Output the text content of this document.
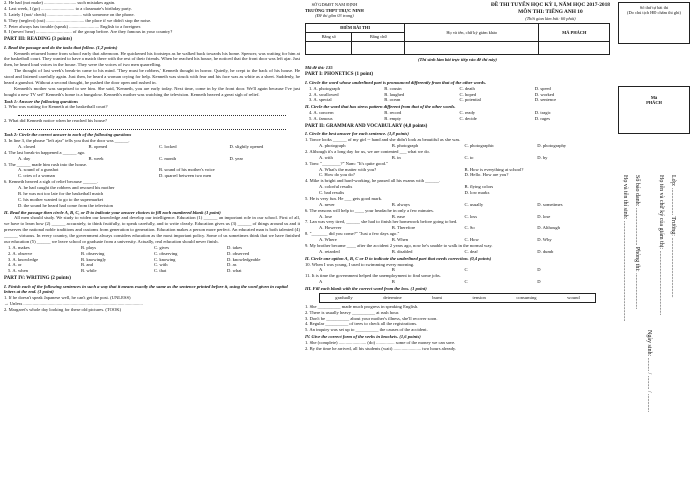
2. He had (not make) ............................ such mistakes again.

4. Last week, I (go) ............................. to a classmate's birthday party.

5. Lately I (not/ check) .............................. with someone on the phone.

6. They (neglect) (cut) ................................. the place if we didn't stop the noise.

7. Peter always has trouble (speak) .......................... English to a foreigner.

8. I (never/ hear) ............................... of the group before. Are they famous in your country?

PART III: READING (3 points)
I. Read the passage and do the tasks that follow. (1,2 points)

Kenneth returned home from school early that afternoon. He quickened his footsteps as he walked back towards his home. Spencer, was waiting for him at the basketball court. They wanted to have a match there with the rest of their friends. When he reached his house, he noticed that the front door was left ajar. Just then, he heard loud voices in the house. They were the voices of two men quarrelling.

The thought of last week's break-in came to his mind. 'They must be robbers,' Kenneth thought in horror. Quietly, he crept to the back of his house. He stood and listened carefully again. Just then, he heard a woman crying for help. Kenneth was struck with fear and his face was as white as a sheet. Suddenly, he heard a gunshot. Without a second thought, he pushed the door open and rushed in.

Kenneth's mother was surprised to see him. She said, 'Kenneth, you are early today. Next time, come in by the front door. We'll again because I've just bought a new TV set!' Kenneth's home is a bungalow. Kenneth's mother was watching the television. Kenneth heaved a great sigh of relief.

Task 1: Answer the following questions

1. Who was waiting for Kenneth at the basketball court?

2. What did Kenneth notice when he reached his house?

Task 2: Circle the correct answer to each of the following questions

3. In line 3, the phrase "left ajar" tells you that the door was ______.

A. closed	B. opened	C. locked	D. slightly opened

4. The last break-in happened a ______ ago.

A. day	B. week	C. month	D. year

5. The ______ made him rush into the house.

A. sound of a gunshot	B. sound of his mother's voice
C. cries of a woman	D. quarrel between two men

6. Kenneth heaved a sigh of relief because ______.

A. he had caught the robbers and rescued his mother
B. he was not too late for the basketball match
C. his mother wanted to go to the supermarket
D. the sound he heard had come from the television
II. Read the passage then circle A, B, C, or D to indicate your answer choices to fill each numbered blank (1 point)

All men should study. We study to widen our knowledge and develop our intelligence. Education (1) ______ an important role in our school. First of all, we have to learn how (2) ______ accurately, to think fruitfully, to speak carefully, and to write clearly. Education gives us (3) ______ of things around us and it preserves the national noble traditions and customs from generation to generation. Education makes a person more perfect. An educated man is both talented (4) ______ virtuous. In every country, the government always considers education as the most important policy. Some of us sometimes think that we have finished our education (5) ______ we leave school or graduate from a university. Actually, real education should never finish.

1. A. makes	B. plays	C. gives	D. takes
2. A. observe	B. observing	C. observing	D. observed
3. A. knowledge	B. knowingly	C. knowing	D. knowledgeable
4. A. or	B. and	C. with	D. as
5. A. when	B. while	C. that	D. what
PART IV: WRITING (2 points)
I. Finish each of the following sentences in such a way that it means exactly the same as the sentence printed before it, using the word given in capital letters at the end. (1 point)

1. If he doesn't speak Japanese well, he can't get the post. (UNLESS)

→ Unless ........................................................................................................

2. Margaret's whole day looking for these old pictures. (TOOK)

SỞ GD&ĐT NAM ĐỊNH
TRƯỜNG THPT TRỰC NINH
(Đề thi gồm 03 trang)
ĐỀ THI TUYỂN HỌC KỲ I, NĂM HỌC 2017-2018
MÔN THI: TIẾNG ANH 10
(Thời gian làm bài: 60 phút)
ĐIỂM BÀI THI		Họ và tên, chữ ký giám khảo	MÃ PHÁCH
Bằng số	Bằng chữ		

(Thí sinh làm bài trực tiếp vào đề thi này)
Mã đề thi: 135
PART I: PHONETICS (1 point)
I. Circle the word whose underlined part is pronounced differently from that of the other words.
1. A. photograph	B. cousin	C. death	D. speed
2. A. swallowed	B. laughed	C. hoped	D. worked
3. A. special	B. ocean	C. potential	D. sentence
II. Circle the word that has stress pattern different from that of the other words.
4. A. concern	B. record	C. ready	D. tragic
5. A. famous	B. empty	C. decide	D. rages
PART II: GRAMMAR AND VOCABULARY (4,8 points)
I. Circle the best answer for each sentence. (1,8 points)

1. Tonce looks ______ of my girl -- hand and she didn't look as beautiful as she was.

A. photograph	B. photograph	C. photographic	D. photography

2. Although it's a long day for us, we are contented ___ what we do.

A. with	B. in	C. to	D. by

3. Tom: "________?" Nam: "It's quite good."

A. What's the matter with you?	B. How is everything at school?
C. How do you do?	D. Hello. How are you?

4. Mike is bright and hard-working, he passed all his exams with ______.

A. colorful results	B. flying colors
C. bad results	D. low marks

5. He is very fun. He ___ gets good mark.

A. never	B. always	C. usually	D. sometimes

6. The reasons will help to ____ your headache in only a few minutes.

A. lose	B. ease	C. loss	D. lose

7. Lan was very tired, ______ she had to finish her homework before going to bed.

A. However	B. Therefore	C. So	D. Although

8. "_______ did you come?" "Just a few days ago."

A. Where	B. When	C. How	D. Why

9. My brother became ____ after the accident 2 years ago, now he's unable to walk in the normal way.

A. retarded	B. disabled	C. deaf	D. dumb
II. Circle one option A, B, C or D to indicate the underlined part that needs correction. (0,4 points)

10. When I was young, I used to swimming every morning.

A	B	C	D

11. It is time the government helped the unemployment to find some jobs.

A	B	C	D
III. Fill each blank with the correct word from the box. (1 point)
gradually	determine	burnt	tension	consuming	wound

1. She __________ made much progress in speaking English.

2. There is usually heavy __________ at rush hour.

3. Don't be __________ about your mother's illness, she'll recover soon.

4. Regular __________ of trees to check all the registrations.

5. An inquiry was set up to __________ the causes of the accident.

IV. Give the correct form of the verbs in brackets. (1,6 points)

1. She (complete) ........................ (do) ................ some of the money we can save.

2. By the time he arrived, all his students (wait) ........................ two hours already.

Số thứ tự bài thi
(Do chủ tịch HĐ chấm thi ghi)
Mã
PHÁCH
Họ và tên thí sinh: ................................................................... Số báo danh: ......................... Phòng thi: ........................
Ngày sinh: ......... / ......... / ............
Họ tên và chữ ký của giám thị: ........................................... Lớp: .................. Trường: ........................................
